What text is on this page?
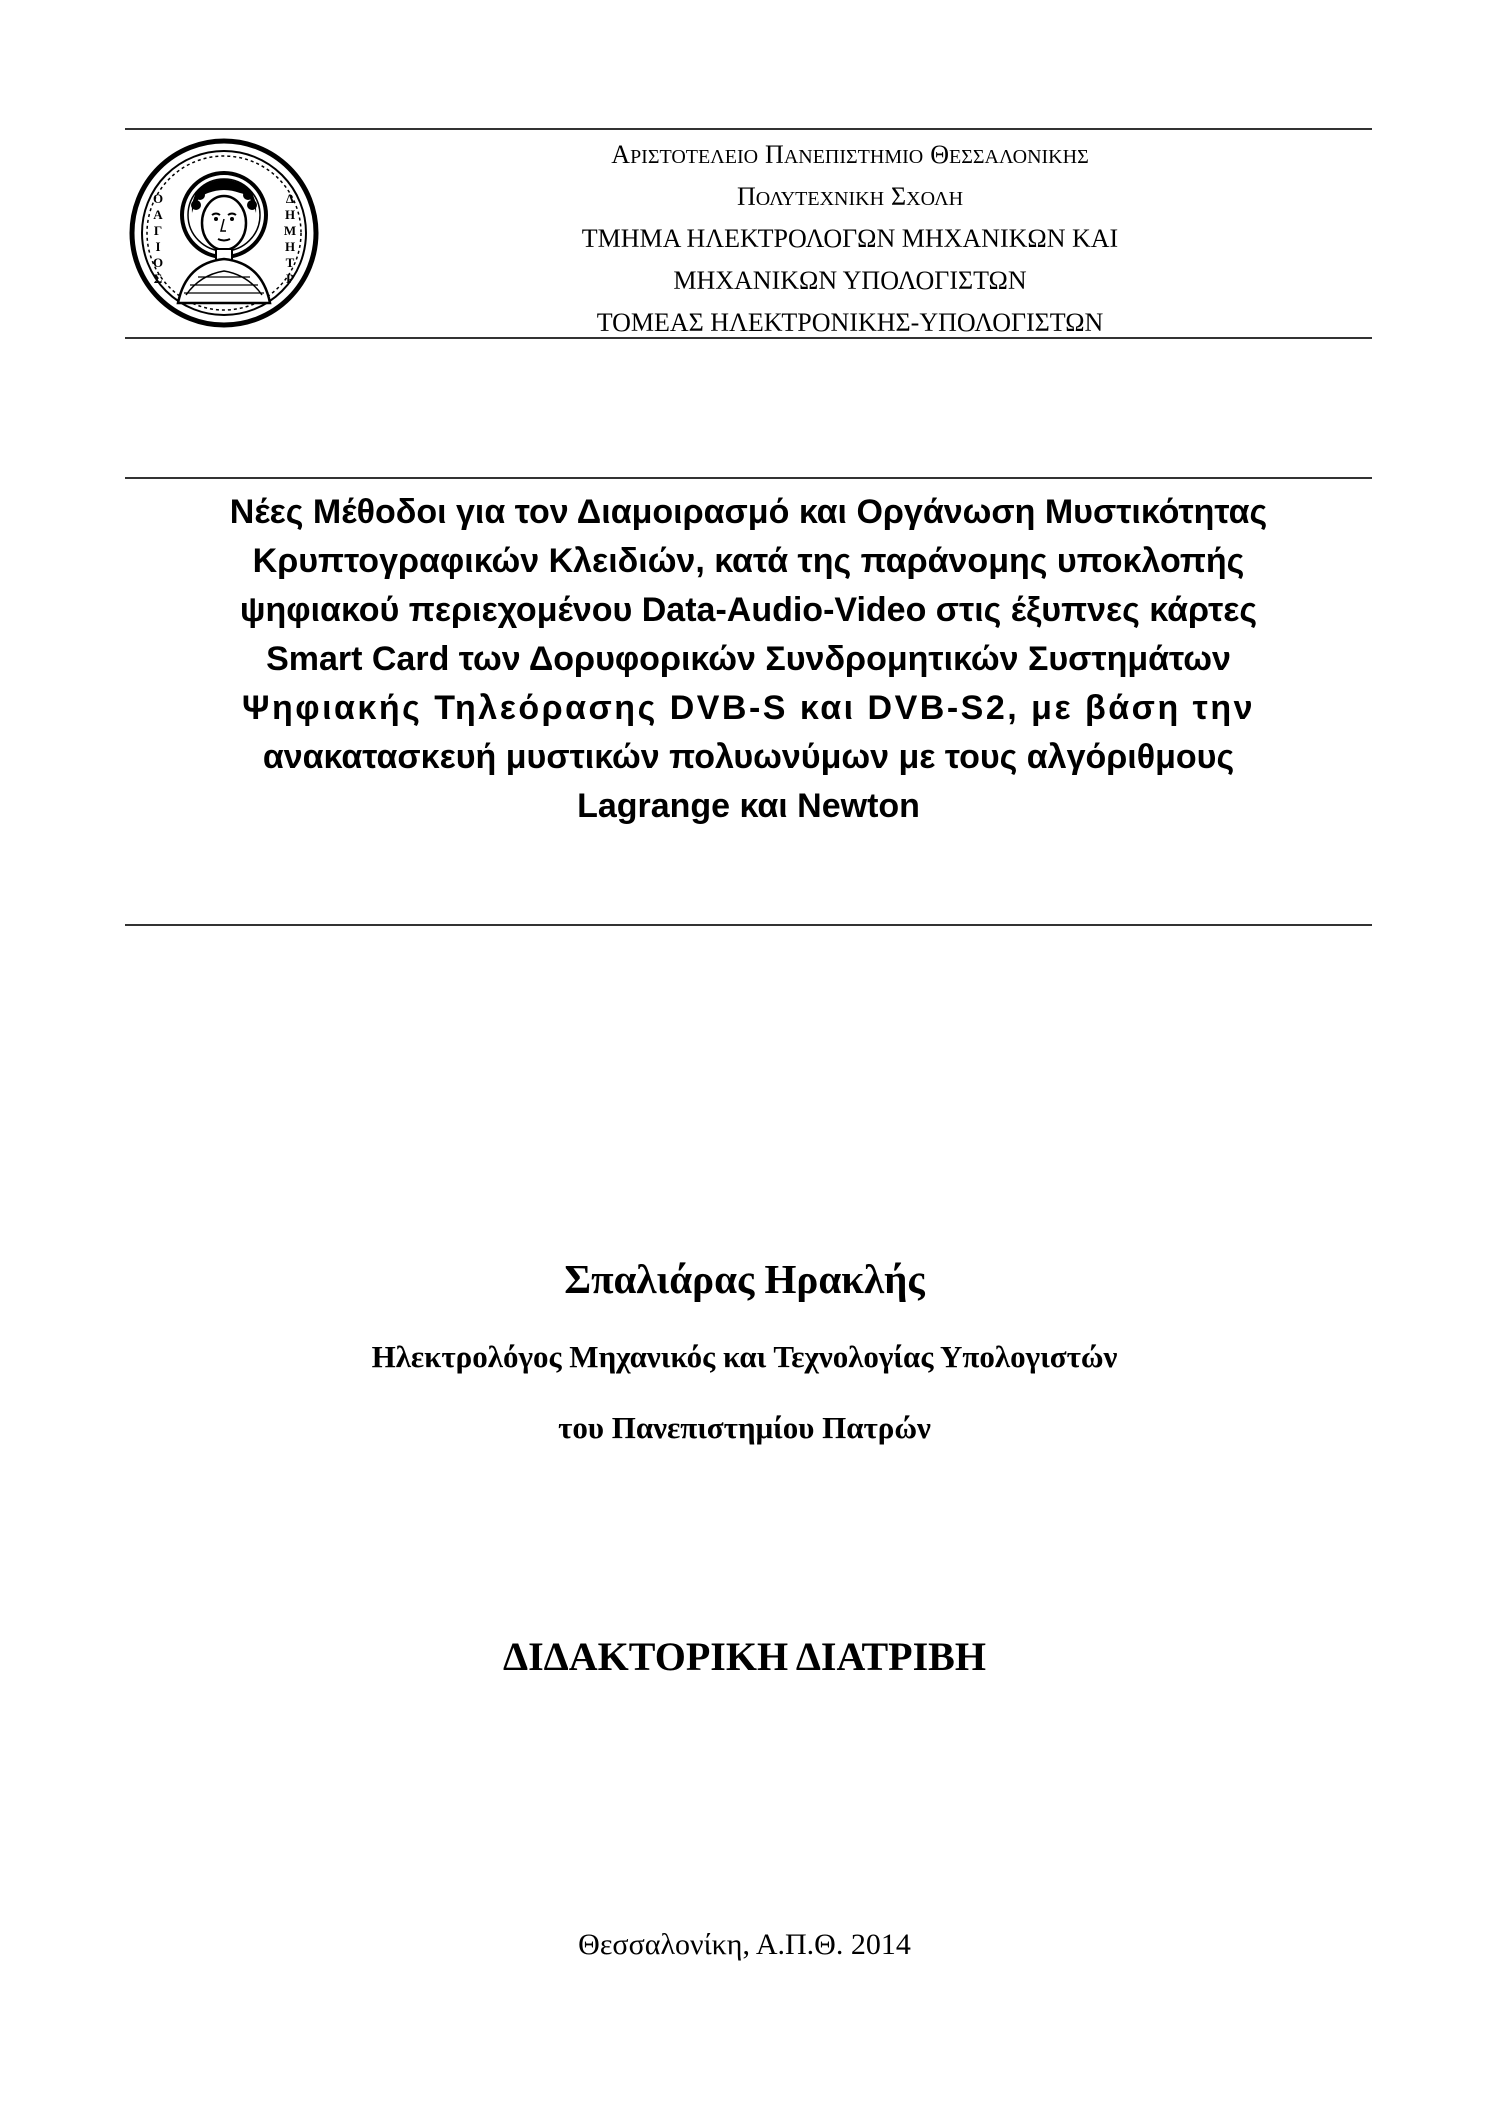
Ο
Α
Γ
Ι
Ο
Σ
Δ
Η
Μ
Η
Τ
Ρ
Αριστοτελειο Πανεπιστημιο Θεσσαλονικης
Πολυτεχνικη Σχολη
ΤΜΗΜΑ ΗΛΕΚΤΡΟΛΟΓΩΝ ΜΗΧΑΝΙΚΩΝ ΚΑΙ
ΜΗΧΑΝΙΚΩΝ ΥΠΟΛΟΓΙΣΤΩΝ
ΤΟΜΕΑΣ ΗΛΕΚΤΡΟΝΙΚΗΣ-ΥΠΟΛΟΓΙΣΤΩΝ
Νέες Μέθοδοι για τον Διαμοιρασμό και Οργάνωση Μυστικότητας
Κρυπτογραφικών Κλειδιών, κατά της παράνομης υποκλοπής
ψηφιακού περιεχομένου Data-Audio-Video στις έξυπνες κάρτες
Smart Card των Δορυφορικών Συνδρομητικών Συστημάτων
Ψηφιακής Τηλεόρασης DVB-S και DVB-S2, με βάση την
ανακατασκευή μυστικών πολυωνύμων με τους αλγόριθμους
Lagrange και Newton
Σπαλιάρας Ηρακλής
Ηλεκτρολόγος Μηχανικός και Τεχνολογίας Υπολογιστών
του Πανεπιστημίου Πατρών
ΔΙΔΑΚΤΟΡΙΚΗ ΔΙΑΤΡΙΒΗ
Θεσσαλονίκη, Α.Π.Θ. 2014
